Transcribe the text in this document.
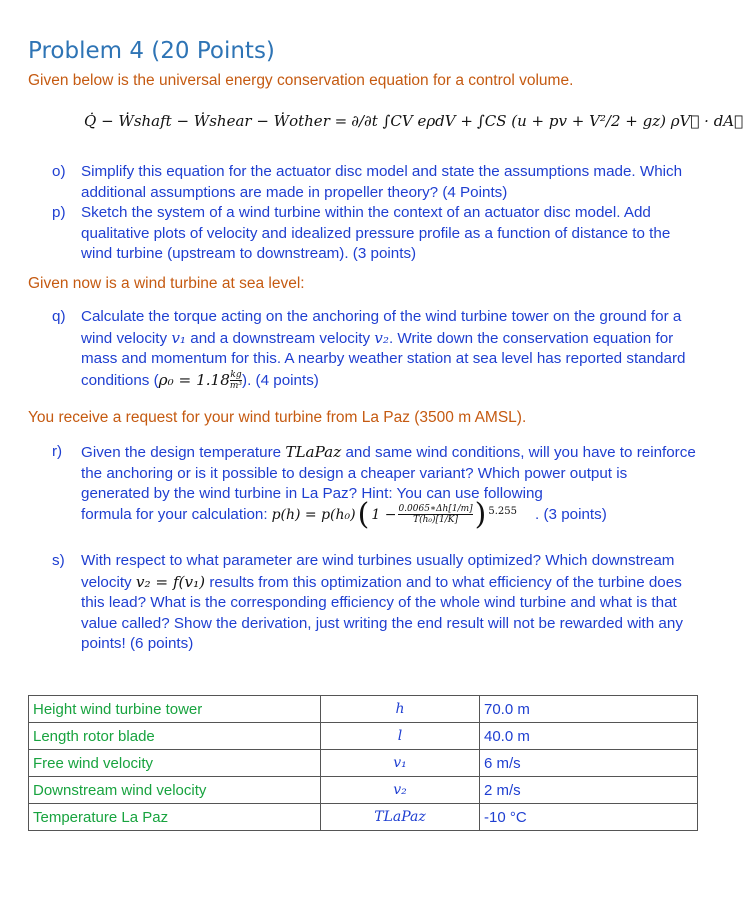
Problem 4 (20 Points)
Given below is the universal energy conservation equation for a control volume.
Q̇ − Ẇshaft − Ẇshear − Ẇother = ∂/∂t ∫CV eρdV + ∫CS (u + pv + V²/2 + gz) ρV⃗ · dA⃗
o)	Simplify this equation for the actuator disc model and state the assumptions made. Which additional assumptions are made in propeller theory? (4 Points)
p)	Sketch the system of a wind turbine within the context of an actuator disc model. Add qualitative plots of velocity and idealized pressure profile as a function of distance to the wind turbine (upstream to downstream). (3 points)
Given now is a wind turbine at sea level:
q)	Calculate the torque acting on the anchoring of the wind turbine tower on the ground for a wind velocity v₁ and a downstream velocity v₂. Write down the conservation equation for mass and momentum for this. A nearby weather station at sea level has reported standard conditions ($\rho_0 = 1.18 \frac{kg}{\text{m³}}$ ). (4 points)
You receive a request for your wind turbine from La Paz (3500 m AMSL).
r)	Given the design temperature TLaPaz and same wind conditions, will you have to reinforce the anchoring or is it possible to design a cheaper variant? Which power output is generated by the wind turbine in La Paz? Hint: You can use following
formula for your calculation: p(h) = p(h₀) ( $1 - \frac{0.0065∗\Delta h[1/m]}{\text{T(h₀)[1/K]}}$ ) 5.255 . (3 points)
s)	With respect to what parameter are wind turbines usually optimized? Which downstream velocity v₂ = f(v₁) results from this optimization and to what efficiency of the turbine does this lead? What is the corresponding efficiency of the whole wind turbine and what is that value called? Show the derivation, just writing the end result will not be rewarded with any points! (6 points)
Height wind turbine tower	h	70.0 m
Length rotor blade	l	40.0 m
Free wind velocity	v₁	6 m/s
Downstream wind velocity	v₂	2 m/s
Temperature La Paz	TLaPaz	-10 °C
